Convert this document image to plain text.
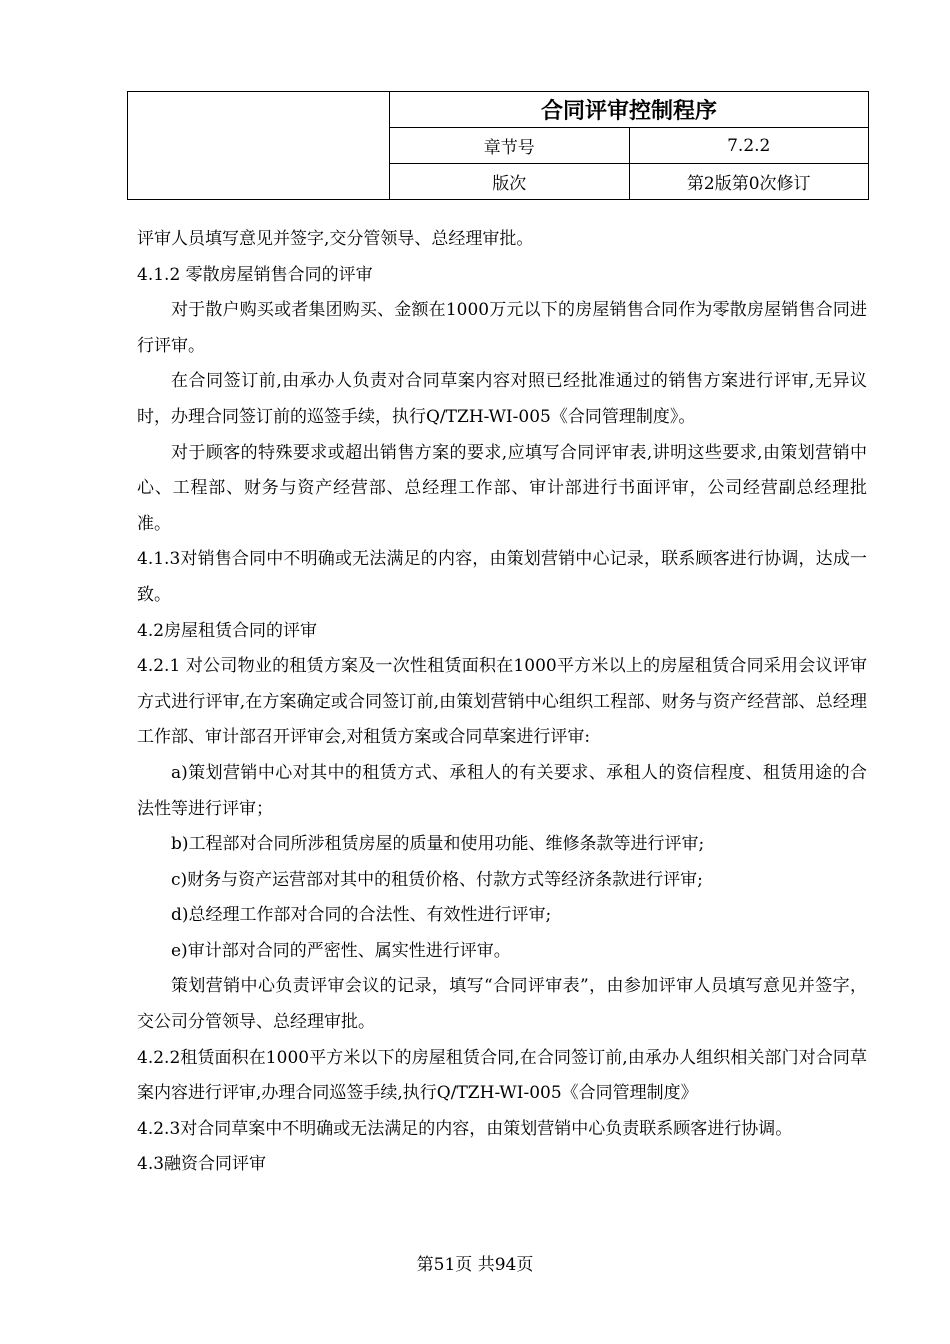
	合同评审控制程序	
	章节号	7.2.2
	版次	第2版第0次修订

评审人员填写意见并签字,交分管领导、总经理审批。

4.1.2 零散房屋销售合同的评审

对于散户购买或者集团购买、金额在1000万元以下的房屋销售合同作为零散房屋销售合同进行评审。

在合同签订前,由承办人负责对合同草案内容对照已经批准通过的销售方案进行评审,无异议时，办理合同签订前的巡签手续，执行Q/TZH-WI-005《合同管理制度》。

对于顾客的特殊要求或超出销售方案的要求,应填写合同评审表,讲明这些要求,由策划营销中心、工程部、财务与资产经营部、总经理工作部、审计部进行书面评审，公司经营副总经理批准。

4.1.3对销售合同中不明确或无法满足的内容，由策划营销中心记录，联系顾客进行协调，达成一致。

4.2房屋租赁合同的评审

4.2.1 对公司物业的租赁方案及一次性租赁面积在1000平方米以上的房屋租赁合同采用会议评审方式进行评审,在方案确定或合同签订前,由策划营销中心组织工程部、财务与资产经营部、总经理工作部、审计部召开评审会,对租赁方案或合同草案进行评审:

a)策划营销中心对其中的租赁方式、承租人的有关要求、承租人的资信程度、租赁用途的合法性等进行评审；

b)工程部对合同所涉租赁房屋的质量和使用功能、维修条款等进行评审;

c)财务与资产运营部对其中的租赁价格、付款方式等经济条款进行评审;

d)总经理工作部对合同的合法性、有效性进行评审;

e)审计部对合同的严密性、属实性进行评审。

策划营销中心负责评审会议的记录，填写“合同评审表”，由参加评审人员填写意见并签字，交公司分管领导、总经理审批。

4.2.2租赁面积在1000平方米以下的房屋租赁合同,在合同签订前,由承办人组织相关部门对合同草案内容进行评审,办理合同巡签手续,执行Q/TZH-WI-005《合同管理制度》

4.2.3对合同草案中不明确或无法满足的内容，由策划营销中心负责联系顾客进行协调。

4.3融资合同评审

第51页 共94页
